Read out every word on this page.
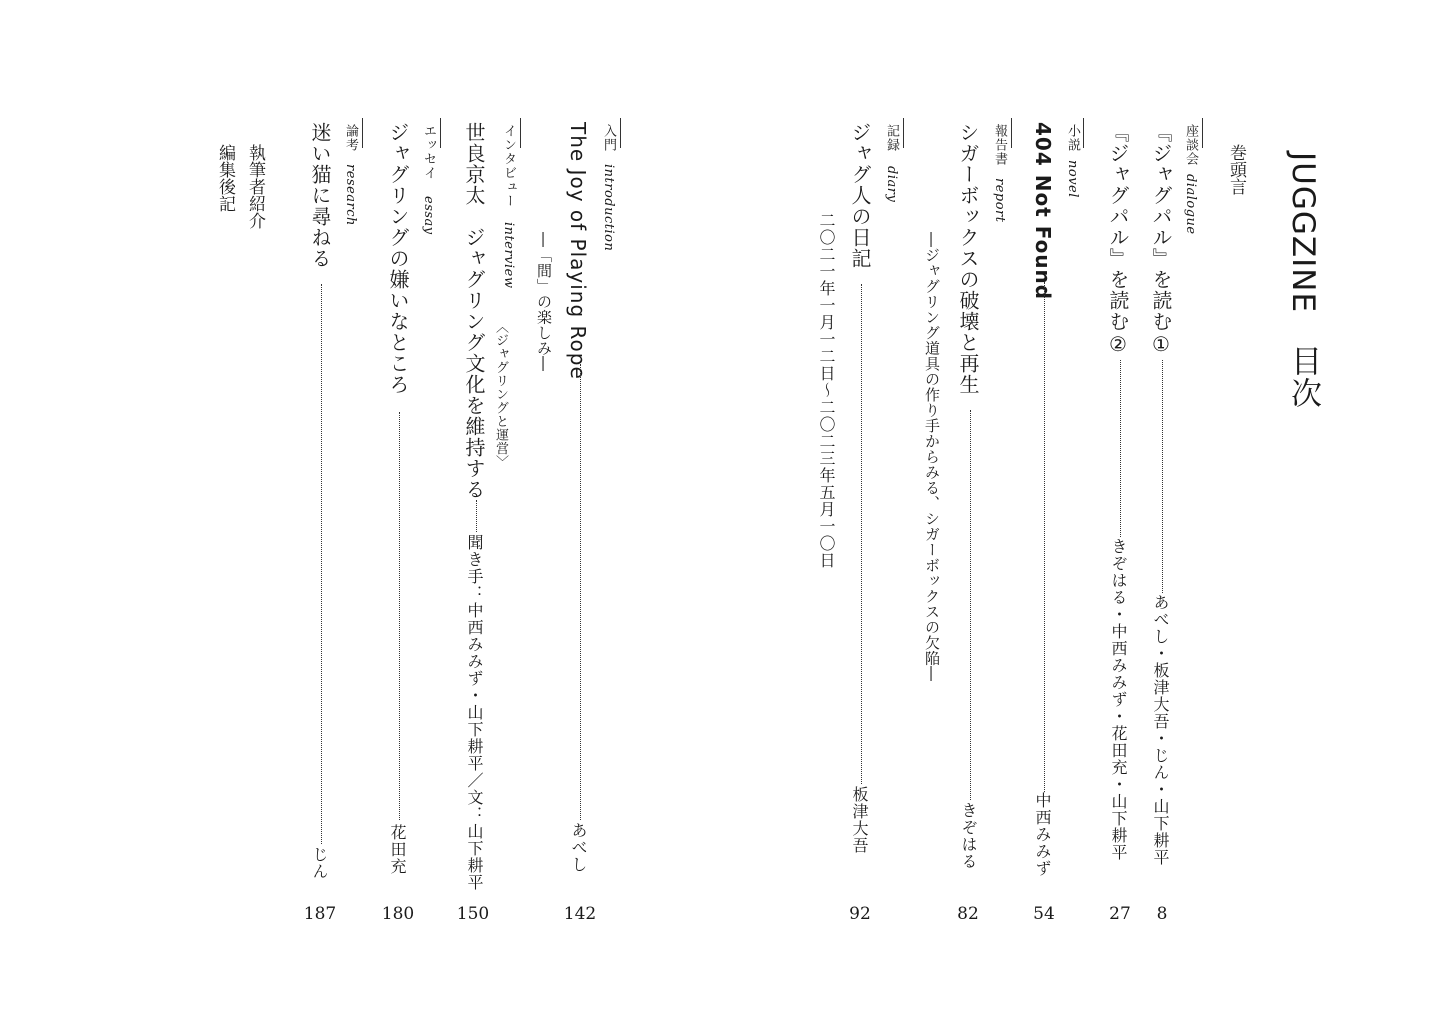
JUGGZINE　目次
巻頭言
座談会
dialogue
『ジャグパル』を読む①
あべし・板津大吾・じん・山下耕平
8
『ジャグパル』を読む②
きぞはる・中西みみず・花田充・山下耕平
27
小説
novel
404 Not Found
中西みみず
54
報告書
report
シガーボックスの破壊と再生
―ジャグリング道具の作り手からみる、シガーボックスの欠陥―
きぞはる
82
記録
diary
ジャグ人の日記
二〇二一年一月一二日〜二〇二三年五月一〇日
板津大吾
92
入門
introduction
The Joy of Playing Rope
―「間」の楽しみ―
あべし
142
インタビュー
interview
〈ジャグリングと運営〉
世良京太　ジャグリング文化を維持する
聞き手：中西みみず・山下耕平／文：山下耕平
150
エッセイ
essay
ジャグリングの嫌いなところ
花田充
180
論考
research
迷い猫に尋ねる
じん
187
執筆者紹介
編集後記
